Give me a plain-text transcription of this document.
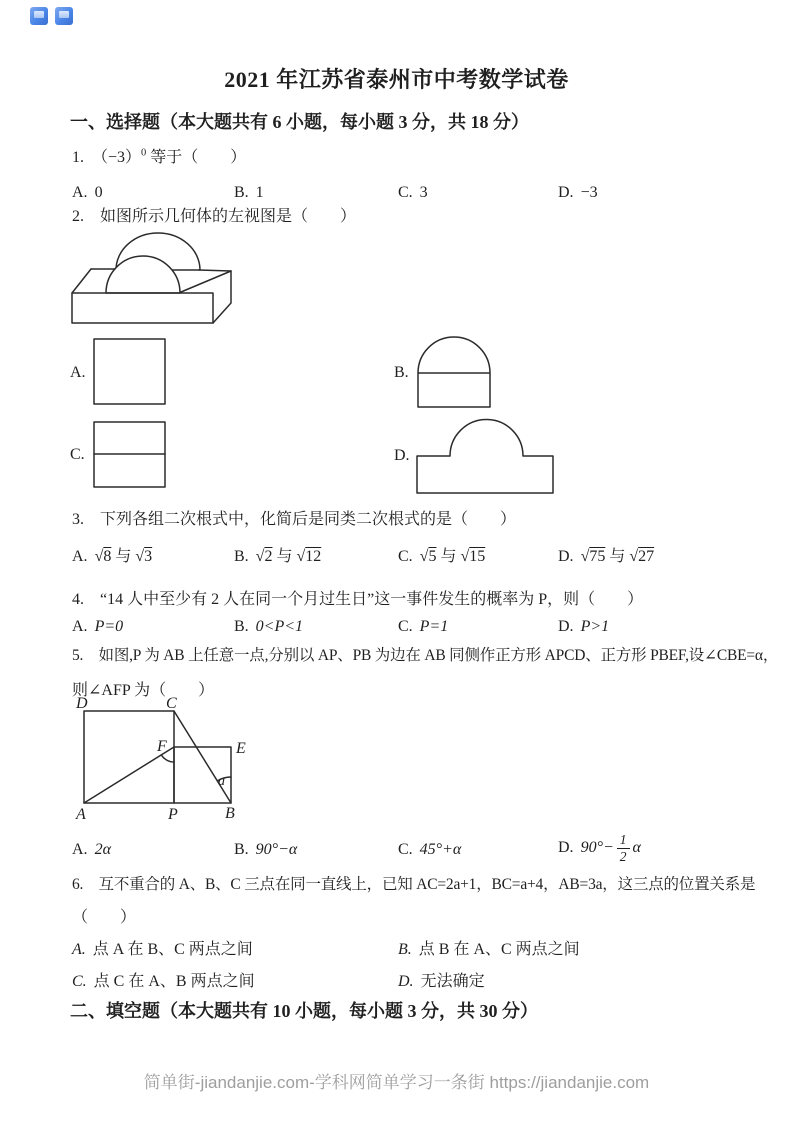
2021 年江苏省泰州市中考数学试卷
一、选择题（本大题共有 6 小题，每小题 3 分，共 18 分）
1.　$(-3)^0$ 等于（　　）
A. 0	B. 1	C. 3	D. −3
2.　如图所示几何体的左视图是（　　）
A.	B.
C.	D.
3.　下列各组二次根式中，化简后是同类二次根式的是（　　）
A. √8 与 √3	B. √2 与 √12	C. √5 与 √15	D. √75 与 √27
4.　“14 人中至少有 2 人在同一个月过生日”这一事件发生的概率为 P，则（　　）
A. P=0	B. 0<P<1	C. P=1	D. P>1
5.　如图,P 为 AB 上任意一点,分别以 AP、PB 为边在 AB 同侧作正方形 APCD、正方形 PBEF,设∠CBE=α，
则∠AFP 为（　　）
D	C
F	E
A	P	B
a
A. 2α	B. 90°−α	C. 45°+α	D. $90^\circ- \frac{1}{2}$ α
6.　互不重合的 A、B、C 三点在同一直线上，已知 AC=2a+1，BC=a+4，AB=3a，这三点的位置关系是
（　　）
A. 点 A 在 B、C 两点之间	B. 点 B 在 A、C 两点之间
C. 点 C 在 A、B 两点之间	D. 无法确定
二、填空题（本大题共有 10 小题，每小题 3 分，共 30 分）
简单街-jiandanjie.com-学科网简单学习一条街 https://jiandanjie.com
